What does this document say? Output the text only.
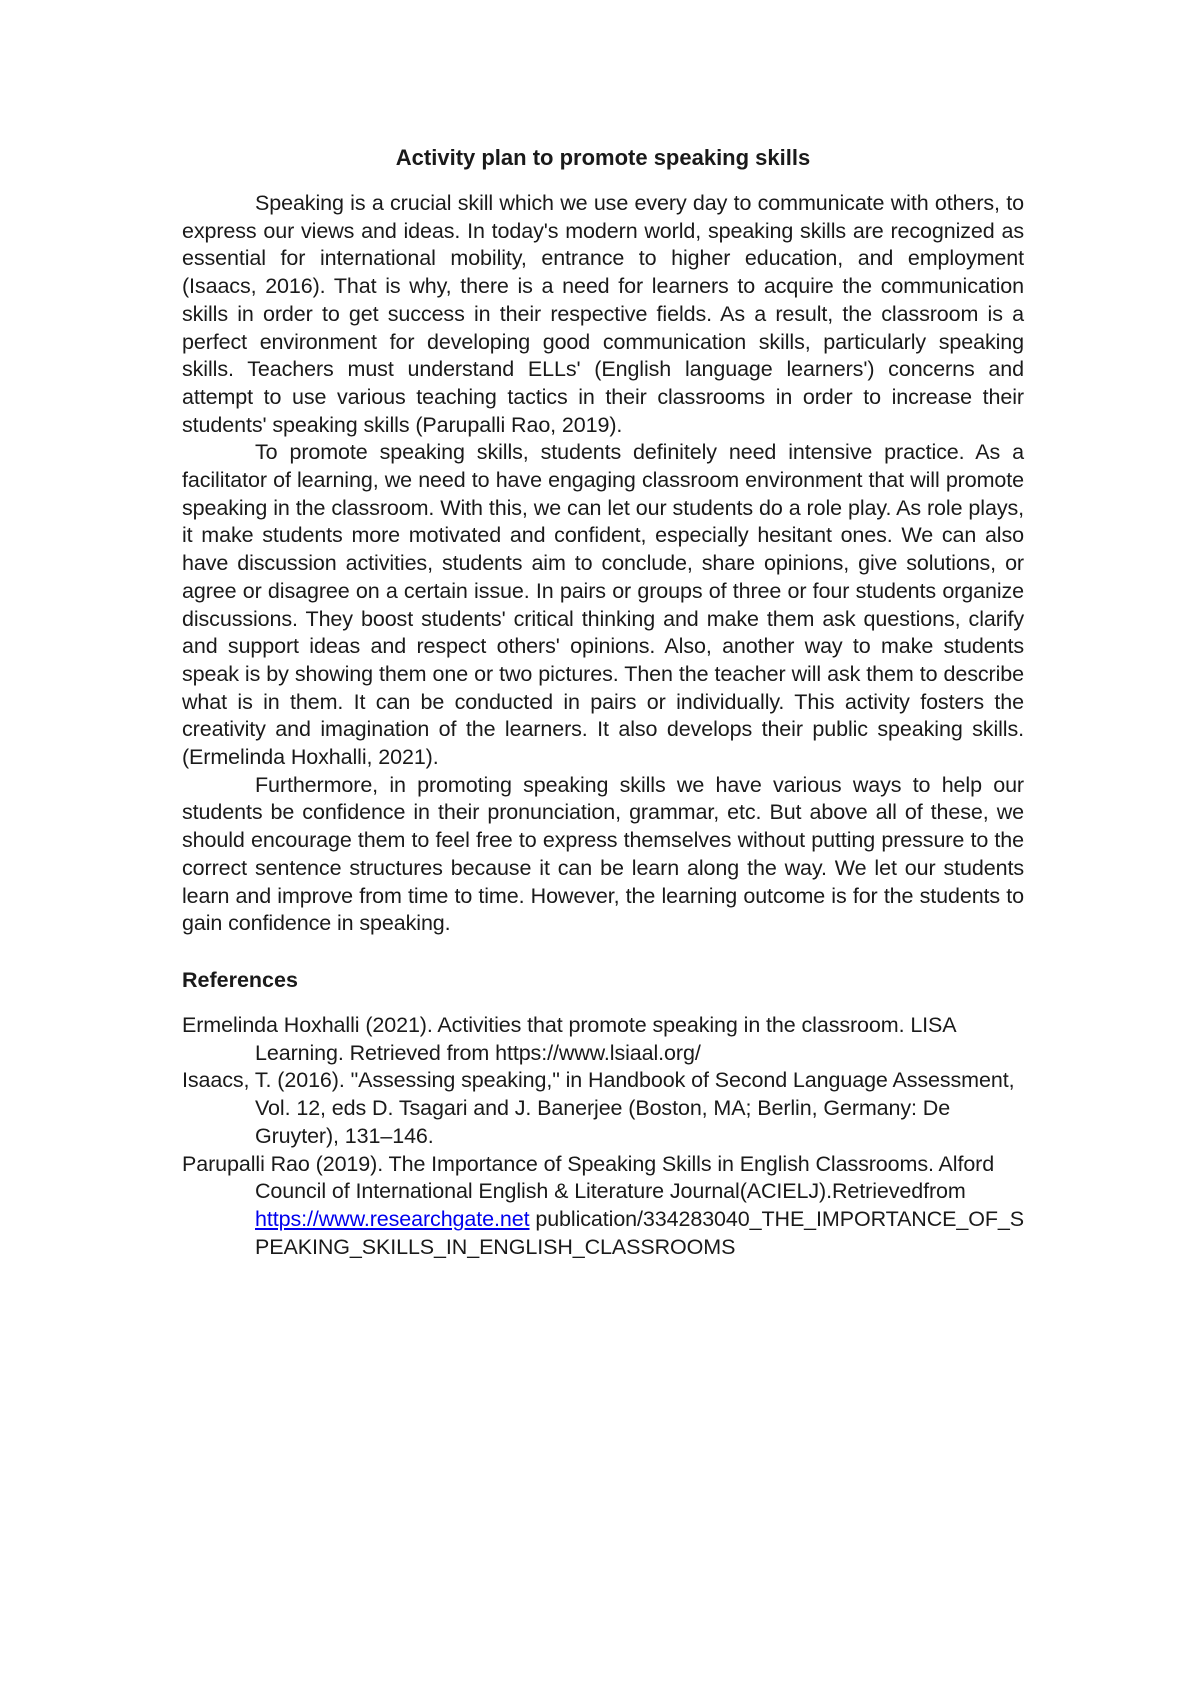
Activity plan to promote speaking skills

Speaking is a crucial skill which we use every day to communicate with others, to express our views and ideas. In today's modern world, speaking skills are recognized as essential for international mobility, entrance to higher education, and employment (Isaacs, 2016). That is why, there is a need for learners to acquire the communication skills in order to get success in their respective fields. As a result, the classroom is a perfect environment for developing good communication skills, particularly speaking skills. Teachers must understand ELLs' (English language learners') concerns and attempt to use various teaching tactics in their classrooms in order to increase their students' speaking skills (Parupalli Rao, 2019).

To promote speaking skills, students definitely need intensive practice. As a facilitator of learning, we need to have engaging classroom environment that will promote speaking in the classroom. With this, we can let our students do a role play. As role plays, it make students more motivated and confident, especially hesitant ones. We can also have discussion activities, students aim to conclude, share opinions, give solutions, or agree or disagree on a certain issue. In pairs or groups of three or four students organize discussions. They boost students' critical thinking and make them ask questions, clarify and support ideas and respect others' opinions. Also, another way to make students speak is by showing them one or two pictures. Then the teacher will ask them to describe what is in them. It can be conducted in pairs or individually. This activity fosters the creativity and imagination of the learners. It also develops their public speaking skills. (Ermelinda Hoxhalli, 2021).

Furthermore, in promoting speaking skills we have various ways to help our students be confidence in their pronunciation, grammar, etc. But above all of these, we should encourage them to feel free to express themselves without putting pressure to the correct sentence structures because it can be learn along the way. We let our students learn and improve from time to time. However, the learning outcome is for the students to gain confidence in speaking.

References

Ermelinda Hoxhalli (2021). Activities that promote speaking in the classroom. LISA Learning. Retrieved from https://www.lsiaal.org/

Isaacs, T. (2016). "Assessing speaking," in Handbook of Second Language Assessment, Vol. 12, eds D. Tsagari and J. Banerjee (Boston, MA; Berlin, Germany: De Gruyter), 131–146.

Parupalli Rao (2019). The Importance of Speaking Skills in English Classrooms. Alford Council of International English & Literature Journal(ACIELJ).Retrievedfrom https://www.researchgate.net publication/334283040_THE_IMPORTANCE_OF_SPEAKING_SKILLS_IN_ENGLISH_CLASSROOMS
